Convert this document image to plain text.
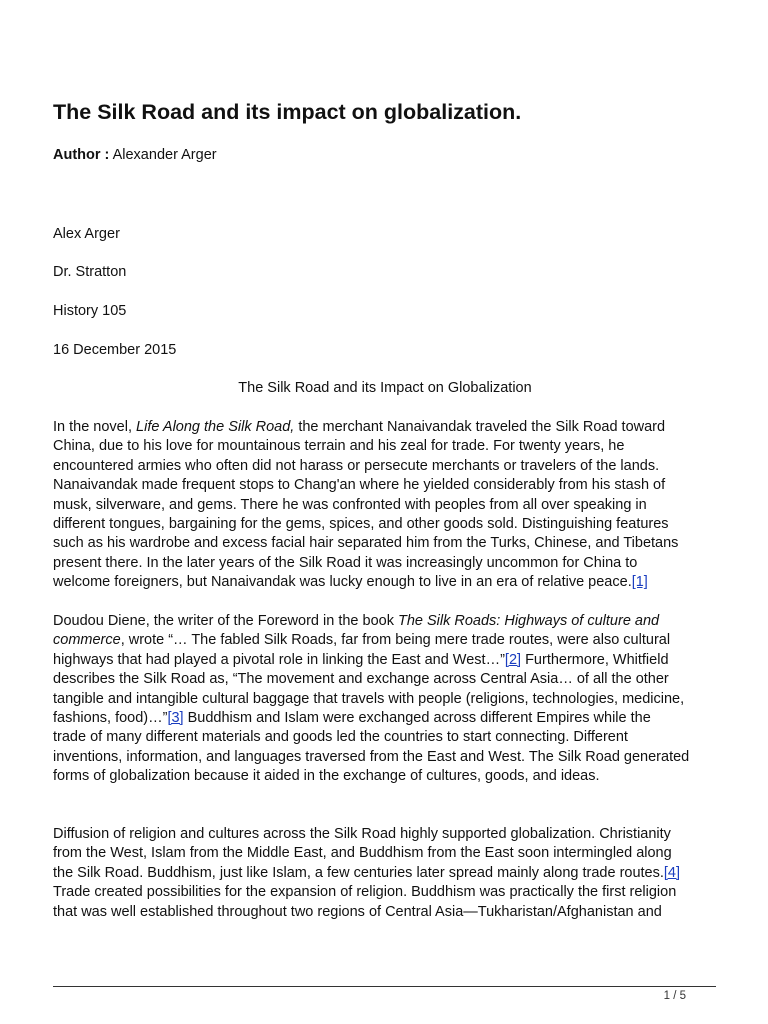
The Silk Road and its impact on globalization.
Author : Alexander Arger
Alex Arger
Dr. Stratton
History 105
16 December 2015
The Silk Road and its Impact on Globalization
In the novel, Life Along the Silk Road, the merchant Nanaivandak traveled the Silk Road toward
China, due to his love for mountainous terrain and his zeal for trade. For twenty years, he
encountered armies who often did not harass or persecute merchants or travelers of the lands.
Nanaivandak made frequent stops to Chang'an where he yielded considerably from his stash of
musk, silverware, and gems. There he was confronted with peoples from all over speaking in
different tongues, bargaining for the gems, spices, and other goods sold. Distinguishing features
such as his wardrobe and excess facial hair separated him from the Turks, Chinese, and Tibetans
present there. In the later years of the Silk Road it was increasingly uncommon for China to
welcome foreigners, but Nanaivandak was lucky enough to live in an era of relative peace.[1]
Doudou Diene, the writer of the Foreword in the book The Silk Roads: Highways of culture and
commerce, wrote “… The fabled Silk Roads, far from being mere trade routes, were also cultural
highways that had played a pivotal role in linking the East and West…”[2] Furthermore, Whitfield
describes the Silk Road as, “The movement and exchange across Central Asia… of all the other
tangible and intangible cultural baggage that travels with people (religions, technologies, medicine,
fashions, food)…”[3] Buddhism and Islam were exchanged across different Empires while the
trade of many different materials and goods led the countries to start connecting. Different
inventions, information, and languages traversed from the East and West. The Silk Road generated
forms of globalization because it aided in the exchange of cultures, goods, and ideas.
Diffusion of religion and cultures across the Silk Road highly supported globalization. Christianity
from the West, Islam from the Middle East, and Buddhism from the East soon intermingled along
the Silk Road. Buddhism, just like Islam, a few centuries later spread mainly along trade routes.[4]
Trade created possibilities for the expansion of religion. Buddhism was practically the first religion
that was well established throughout two regions of Central Asia—Tukharistan/Afghanistan and
1 / 5
